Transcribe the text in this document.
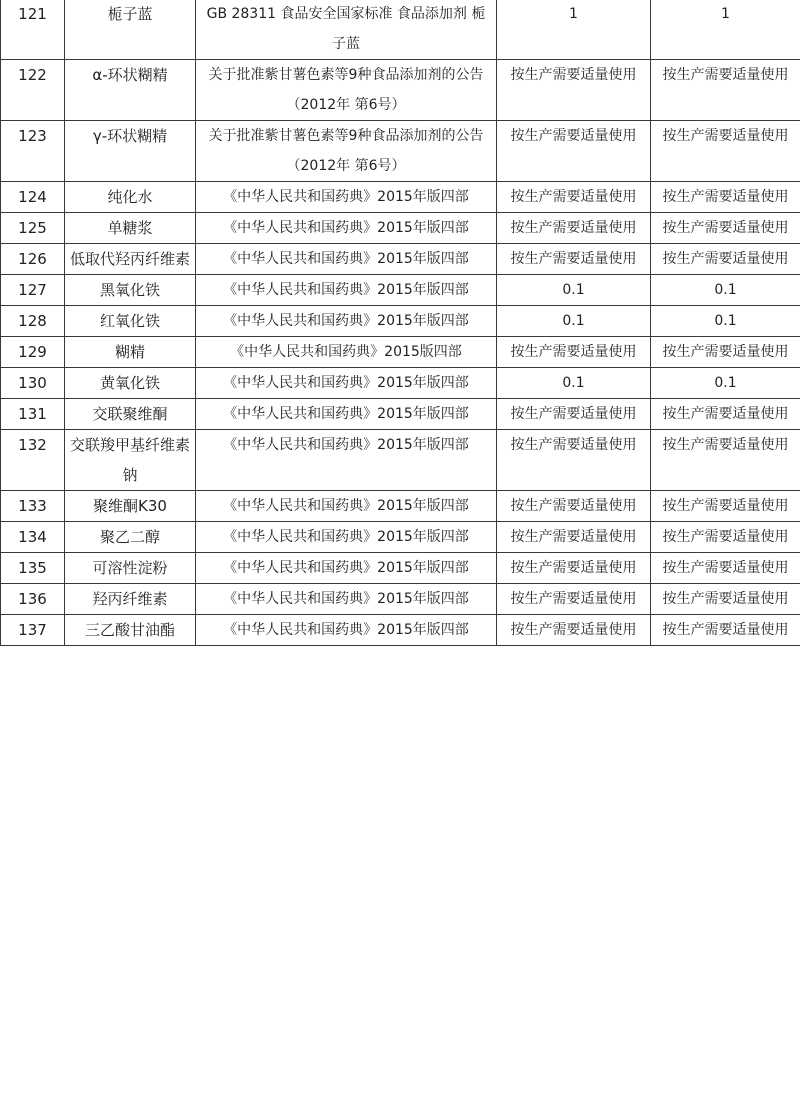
121	栀子蓝	GB 28311 食品安全国家标准 食品添加剂 栀子蓝	1	1
122	α-环状糊精	关于批准紫甘薯色素等9种食品添加剂的公告（2012年 第6号）	按生产需要适量使用	按生产需要适量使用
123	γ-环状糊精	关于批准紫甘薯色素等9种食品添加剂的公告（2012年 第6号）	按生产需要适量使用	按生产需要适量使用
124	纯化水	《中华人民共和国药典》2015年版四部	按生产需要适量使用	按生产需要适量使用
125	单糖浆	《中华人民共和国药典》2015年版四部	按生产需要适量使用	按生产需要适量使用
126	低取代羟丙纤维素	《中华人民共和国药典》2015年版四部	按生产需要适量使用	按生产需要适量使用
127	黑氧化铁	《中华人民共和国药典》2015年版四部	0.1	0.1
128	红氧化铁	《中华人民共和国药典》2015年版四部	0.1	0.1
129	糊精	《中华人民共和国药典》2015版四部	按生产需要适量使用	按生产需要适量使用
130	黄氧化铁	《中华人民共和国药典》2015年版四部	0.1	0.1
131	交联聚维酮	《中华人民共和国药典》2015年版四部	按生产需要适量使用	按生产需要适量使用
132	交联羧甲基纤维素钠	《中华人民共和国药典》2015年版四部	按生产需要适量使用	按生产需要适量使用
133	聚维酮K30	《中华人民共和国药典》2015年版四部	按生产需要适量使用	按生产需要适量使用
134	聚乙二醇	《中华人民共和国药典》2015年版四部	按生产需要适量使用	按生产需要适量使用
135	可溶性淀粉	《中华人民共和国药典》2015年版四部	按生产需要适量使用	按生产需要适量使用
136	羟丙纤维素	《中华人民共和国药典》2015年版四部	按生产需要适量使用	按生产需要适量使用
137	三乙酸甘油酯	《中华人民共和国药典》2015年版四部	按生产需要适量使用	按生产需要适量使用
